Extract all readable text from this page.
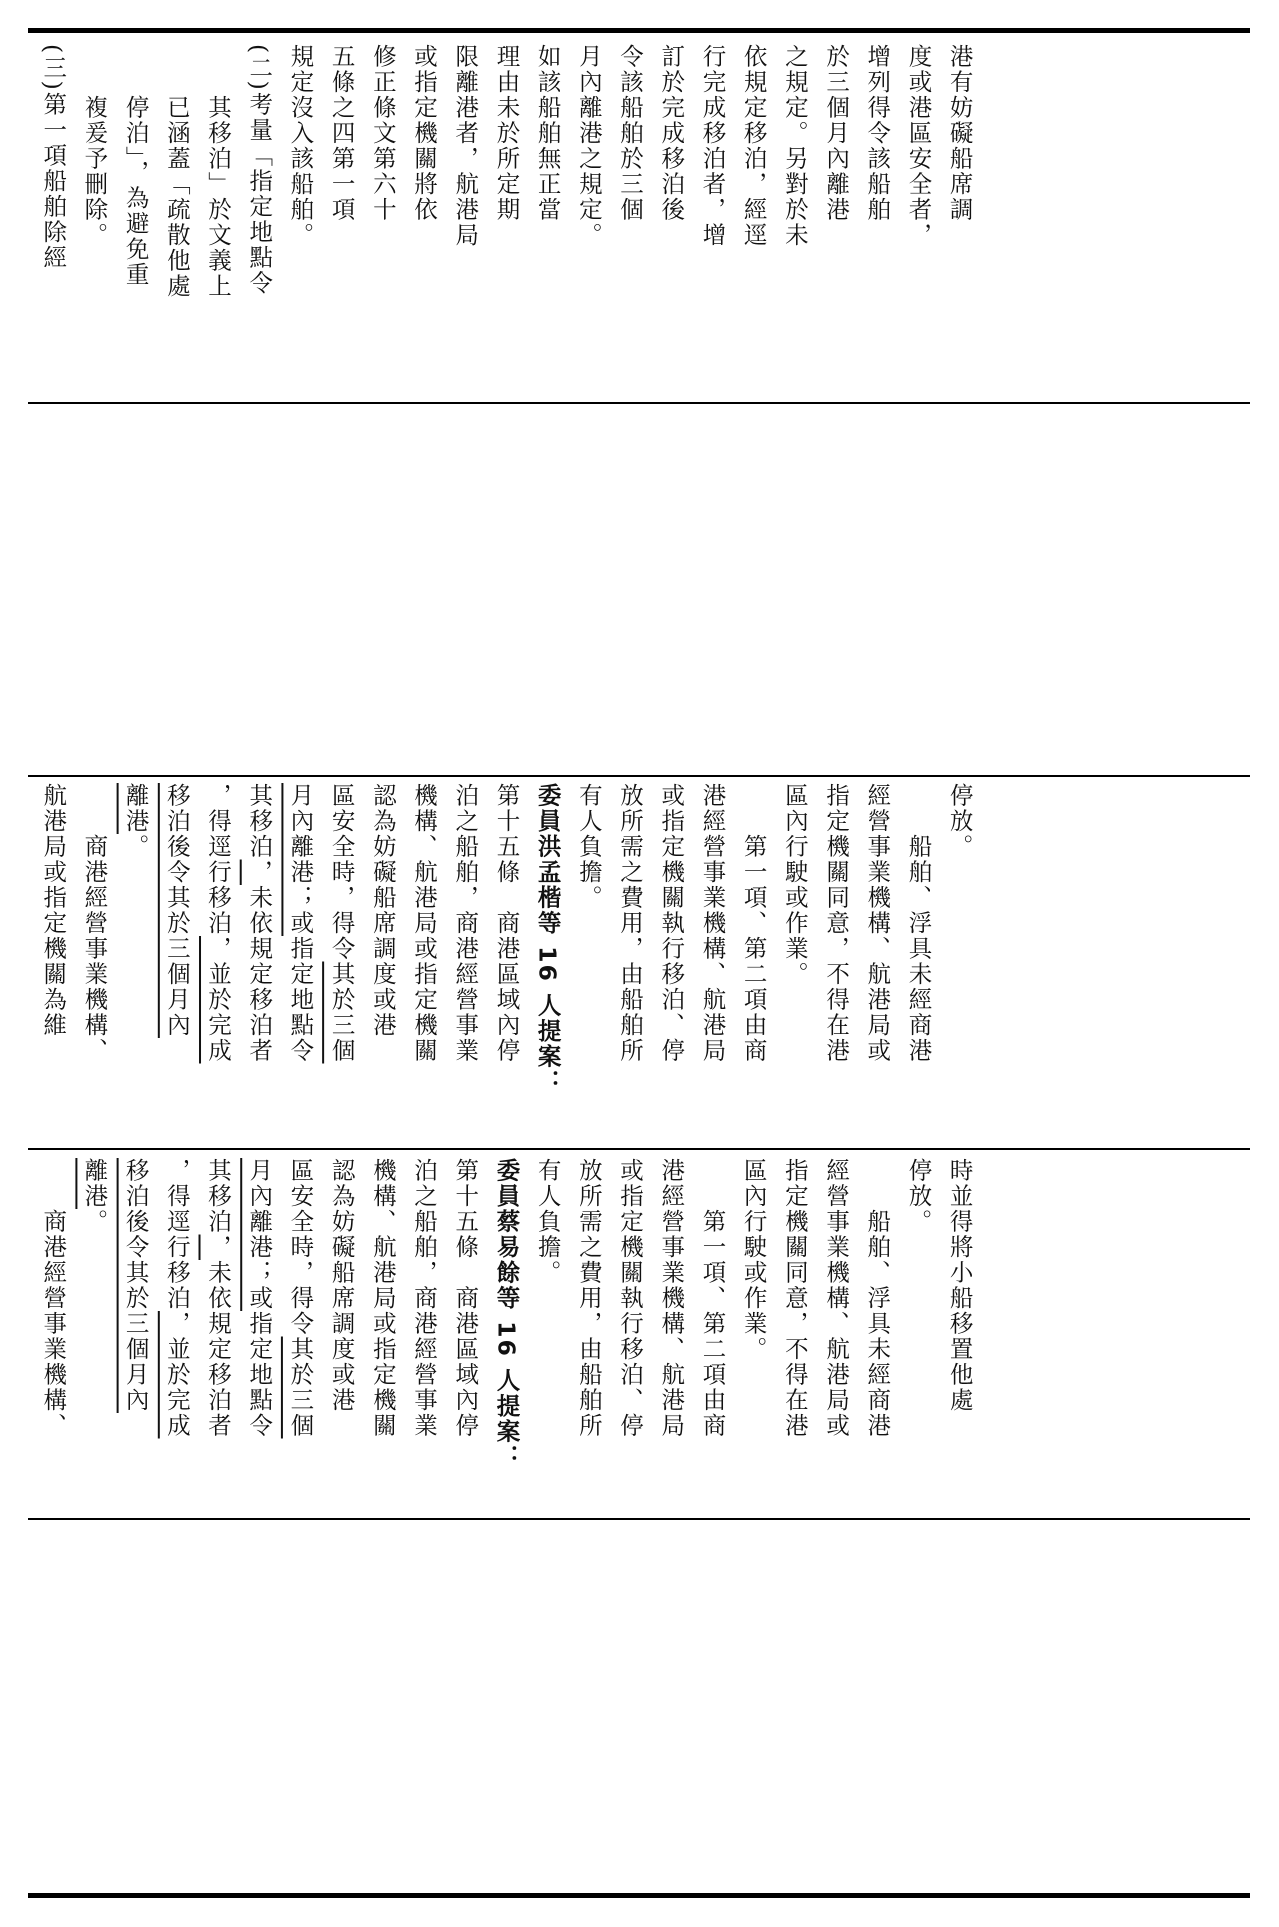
港有妨礙船席調
度或港區安全者，
增列得令該船舶
於三個月內離港
之規定。另對於未
依規定移泊，經逕
行完成移泊者，增
訂於完成移泊後
令該船舶於三個
月內離港之規定。
如該船舶無正當
理由未於所定期
限離港者，航港局
或指定機關將依
修正條文第六十
五條之四第一項
規定沒入該船舶。
(二)考量「指定地點令
　　其移泊」於文義上
　　已涵蓋「疏散他處
　　停泊」，為避免重
　　複爰予刪除。
(三)第一項船舶除經
停放。
　　船舶、浮具未經商港
經營事業機構、航港局或
指定機關同意，不得在港
區內行駛或作業。
　　第一項、第二項由商
港經營事業機構、航港局
或指定機關執行移泊、停
放所需之費用，由船舶所
有人負擔。
委員洪孟楷等 16 人提案：
第十五條　商港區域內停
泊之船舶，商港經營事業
機構、航港局或指定機關
認為妨礙船席調度或港
區安全時，得令其於三個
月內離港；或指定地點令
其移泊，未依規定移泊者
，得逕行移泊，並於完成
移泊後令其於三個月內
離港。
　　商港經營事業機構、
航港局或指定機關為維
時並得將小船移置他處
停放。
　　船舶、浮具未經商港
經營事業機構、航港局或
指定機關同意，不得在港
區內行駛或作業。
　　第一項、第二項由商
港經營事業機構、航港局
或指定機關執行移泊、停
放所需之費用，由船舶所
有人負擔。
委員蔡易餘等 16 人提案：
第十五條　商港區域內停
泊之船舶，商港經營事業
機構、航港局或指定機關
認為妨礙船席調度或港
區安全時，得令其於三個
月內離港；或指定地點令
其移泊，未依規定移泊者
，得逕行移泊，並於完成
移泊後令其於三個月內
離港。
　　商港經營事業機構、
